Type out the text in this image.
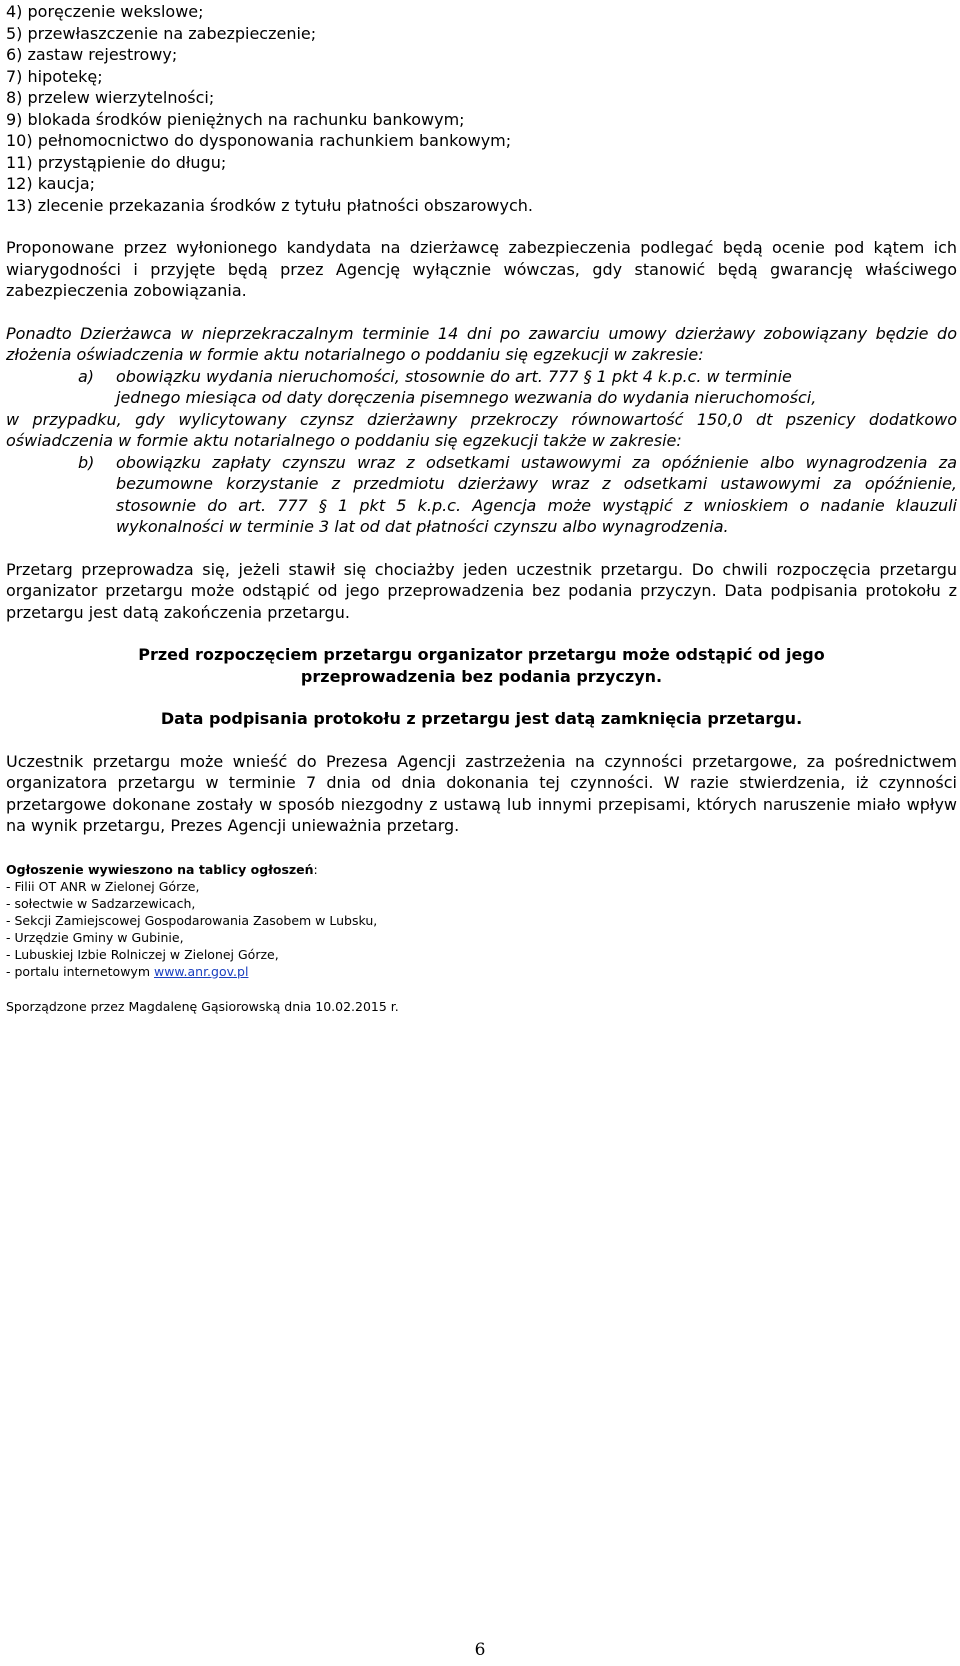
4) poręczenie wekslowe;
5) przewłaszczenie na zabezpieczenie;
6) zastaw rejestrowy;
7) hipotekę;
8) przelew wierzytelności;
9) blokada środków pieniężnych na rachunku bankowym;
10) pełnomocnictwo do dysponowania rachunkiem bankowym;
11) przystąpienie do długu;
12) kaucja;
13) zlecenie przekazania środków z tytułu płatności obszarowych.
Proponowane przez wyłonionego kandydata na dzierżawcę zabezpieczenia podlegać będą ocenie pod kątem ich wiarygodności i przyjęte będą przez Agencję wyłącznie wówczas, gdy stanowić będą gwarancję właściwego zabezpieczenia zobowiązania.
Ponadto Dzierżawca w nieprzekraczalnym terminie 14 dni po zawarciu umowy dzierżawy zobowiązany będzie do złożenia oświadczenia w formie aktu notarialnego o poddaniu się egzekucji w zakresie:
a)	obowiązku wydania nieruchomości, stosownie do art. 777 § 1 pkt 4 k.p.c. w terminie
jednego miesiąca od daty doręczenia pisemnego wezwania do wydania nieruchomości,
w przypadku, gdy wylicytowany czynsz dzierżawny przekroczy równowartość 150,0 dt pszenicy dodatkowo oświadczenia w formie aktu notarialnego o poddaniu się egzekucji także w zakresie:
b)	obowiązku zapłaty czynszu wraz z odsetkami ustawowymi za opóźnienie albo wynagrodzenia za bezumowne korzystanie z przedmiotu dzierżawy wraz z odsetkami ustawowymi za opóźnienie, stosownie do art. 777 § 1 pkt 5 k.p.c. Agencja może wystąpić z wnioskiem o nadanie klauzuli wykonalności w terminie 3 lat od dat płatności czynszu albo wynagrodzenia.
Przetarg przeprowadza się, jeżeli stawił się chociażby jeden uczestnik przetargu. Do chwili rozpoczęcia przetargu organizator przetargu może odstąpić od jego przeprowadzenia bez podania przyczyn. Data podpisania protokołu z przetargu jest datą zakończenia przetargu.
Przed rozpoczęciem przetargu organizator przetargu może odstąpić od jego przeprowadzenia bez podania przyczyn.
Data podpisania protokołu z przetargu jest datą zamknięcia przetargu.
Uczestnik przetargu może wnieść do Prezesa Agencji zastrzeżenia na czynności przetargowe, za pośrednictwem organizatora przetargu w terminie 7 dnia od dnia dokonania tej czynności. W razie stwierdzenia, iż czynności przetargowe dokonane zostały w sposób niezgodny z ustawą lub innymi przepisami, których naruszenie miało wpływ na wynik przetargu, Prezes Agencji unieważnia przetarg.
Ogłoszenie wywieszono na tablicy ogłoszeń:
- Filii OT ANR w Zielonej Górze,
- sołectwie w Sadzarzewicach,
- Sekcji Zamiejscowej Gospodarowania Zasobem w Lubsku,
- Urzędzie Gminy w Gubinie,
- Lubuskiej Izbie Rolniczej w Zielonej Górze,
- portalu internetowym www.anr.gov.pl
Sporządzone przez Magdalenę Gąsiorowską dnia 10.02.2015 r.
6
